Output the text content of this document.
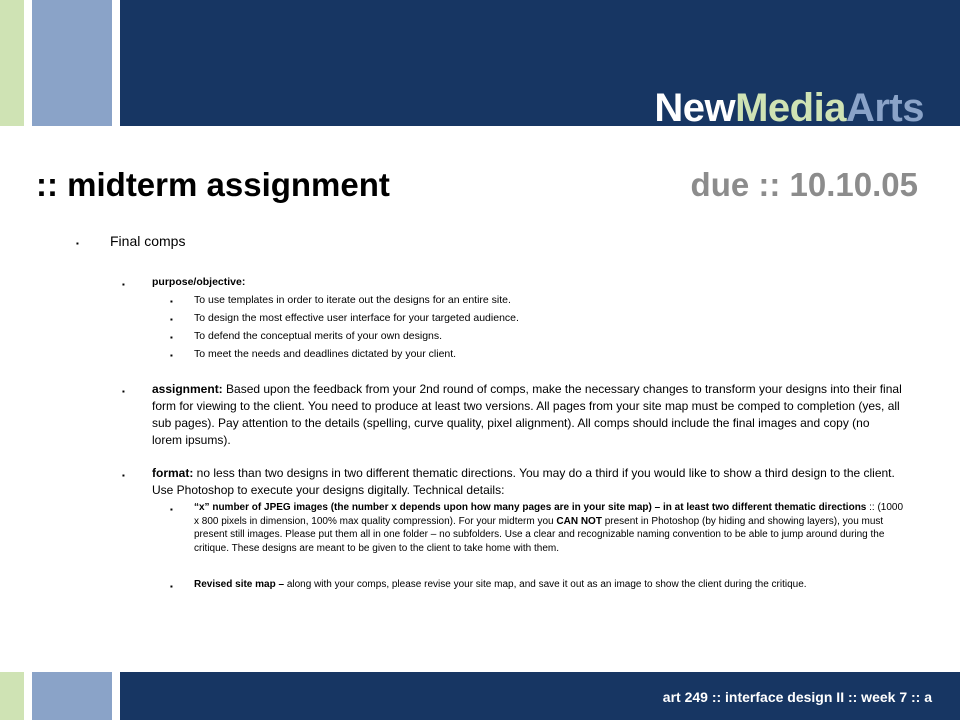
NewMediaArts
:: midterm assignment	due :: 10.10.05
▪ Final comps
▪	purpose/objective:
▪ To use templates in order to iterate out the designs for an entire site.
▪ To design the most effective user interface for your targeted audience.
▪ To defend the conceptual merits of your own designs.
▪ To meet the needs and deadlines dictated by your client.
▪ assignment: Based upon the feedback from your 2nd round of comps, make the necessary changes to transform your designs into their final form for viewing to the client. You need to produce at least two versions. All pages from your site map must be comped to completion (yes, all sub pages). Pay attention to the details (spelling, curve quality, pixel alignment). All comps should include the final images and copy (no lorem ipsums).
▪ format: no less than two designs in two different thematic directions. You may do a third if you would like to show a third design to the client. Use Photoshop to execute your designs digitally. Technical details:
▪ “x” number of JPEG images (the number x depends upon how many pages are in your site map) – in at least two different thematic directions :: (1000 x 800 pixels in dimension, 100% max quality compression). For your midterm you CAN NOT present in Photoshop (by hiding and showing layers), you must present still images. Please put them all in one folder – no subfolders. Use a clear and recognizable naming convention to be able to jump around during the critique. These designs are meant to be given to the client to take home with them.
▪ Revised site map – along with your comps, please revise your site map, and save it out as an image to show the client during the critique.
art 249 :: interface design II :: week 7 :: a
